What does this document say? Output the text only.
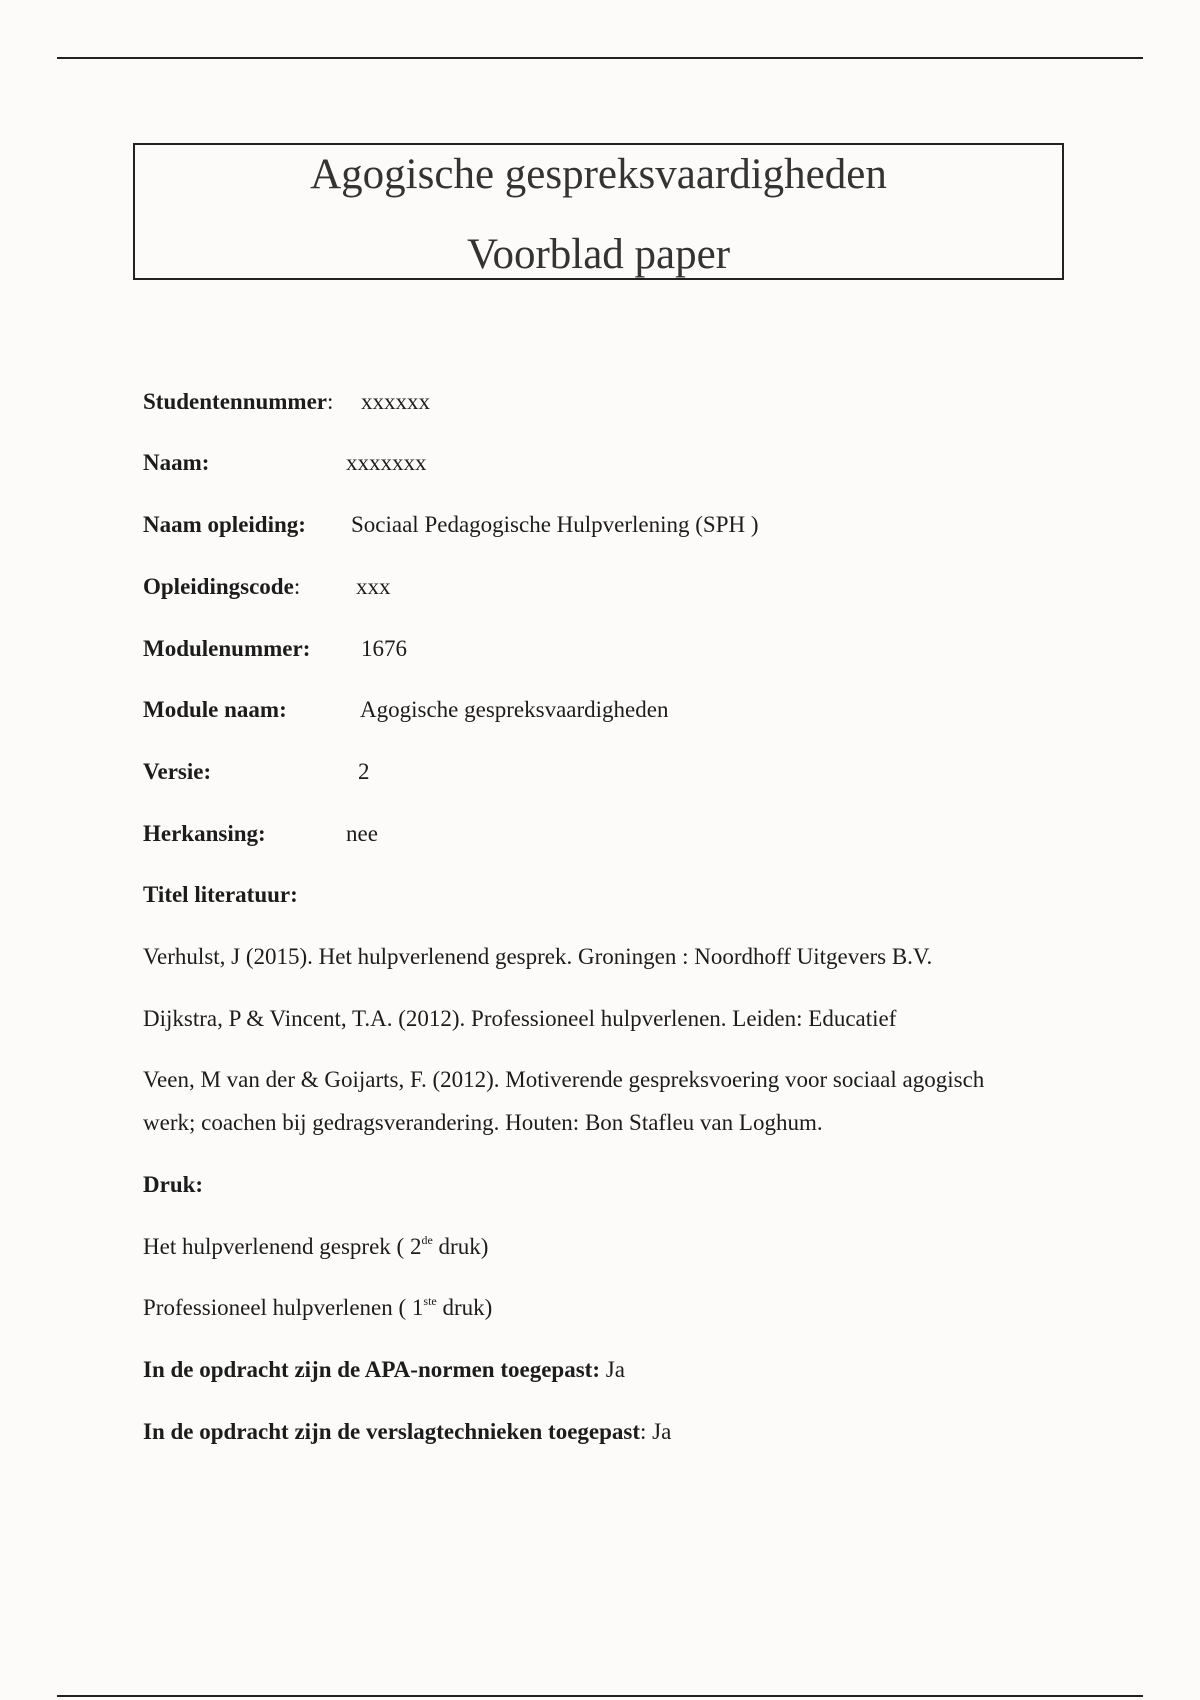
Agogische gespreksvaardigheden
Voorblad paper
Studentennummer: xxxxxx
Naam:	xxxxxxx
Naam opleiding: Sociaal Pedagogische Hulpverlening (SPH )
Opleidingscode: xxx
Modulenummer: 1676
Module naam:	Agogische gespreksvaardigheden
Versie:	2
Herkansing:	nee
Titel literatuur:
Verhulst, J (2015). Het hulpverlenend gesprek. Groningen : Noordhoff Uitgevers B.V.
Dijkstra, P & Vincent, T.A. (2012). Professioneel hulpverlenen. Leiden: Educatief
Veen, M van der & Goijarts, F. (2012). Motiverende gespreksvoering voor sociaal agogisch
werk; coachen bij gedragsverandering. Houten: Bon Stafleu van Loghum.
Druk:
Het hulpverlenend gesprek ( 2de druk)
Professioneel hulpverlenen ( 1ste druk)
In de opdracht zijn de APA-normen toegepast: Ja
In de opdracht zijn de verslagtechnieken toegepast: Ja
